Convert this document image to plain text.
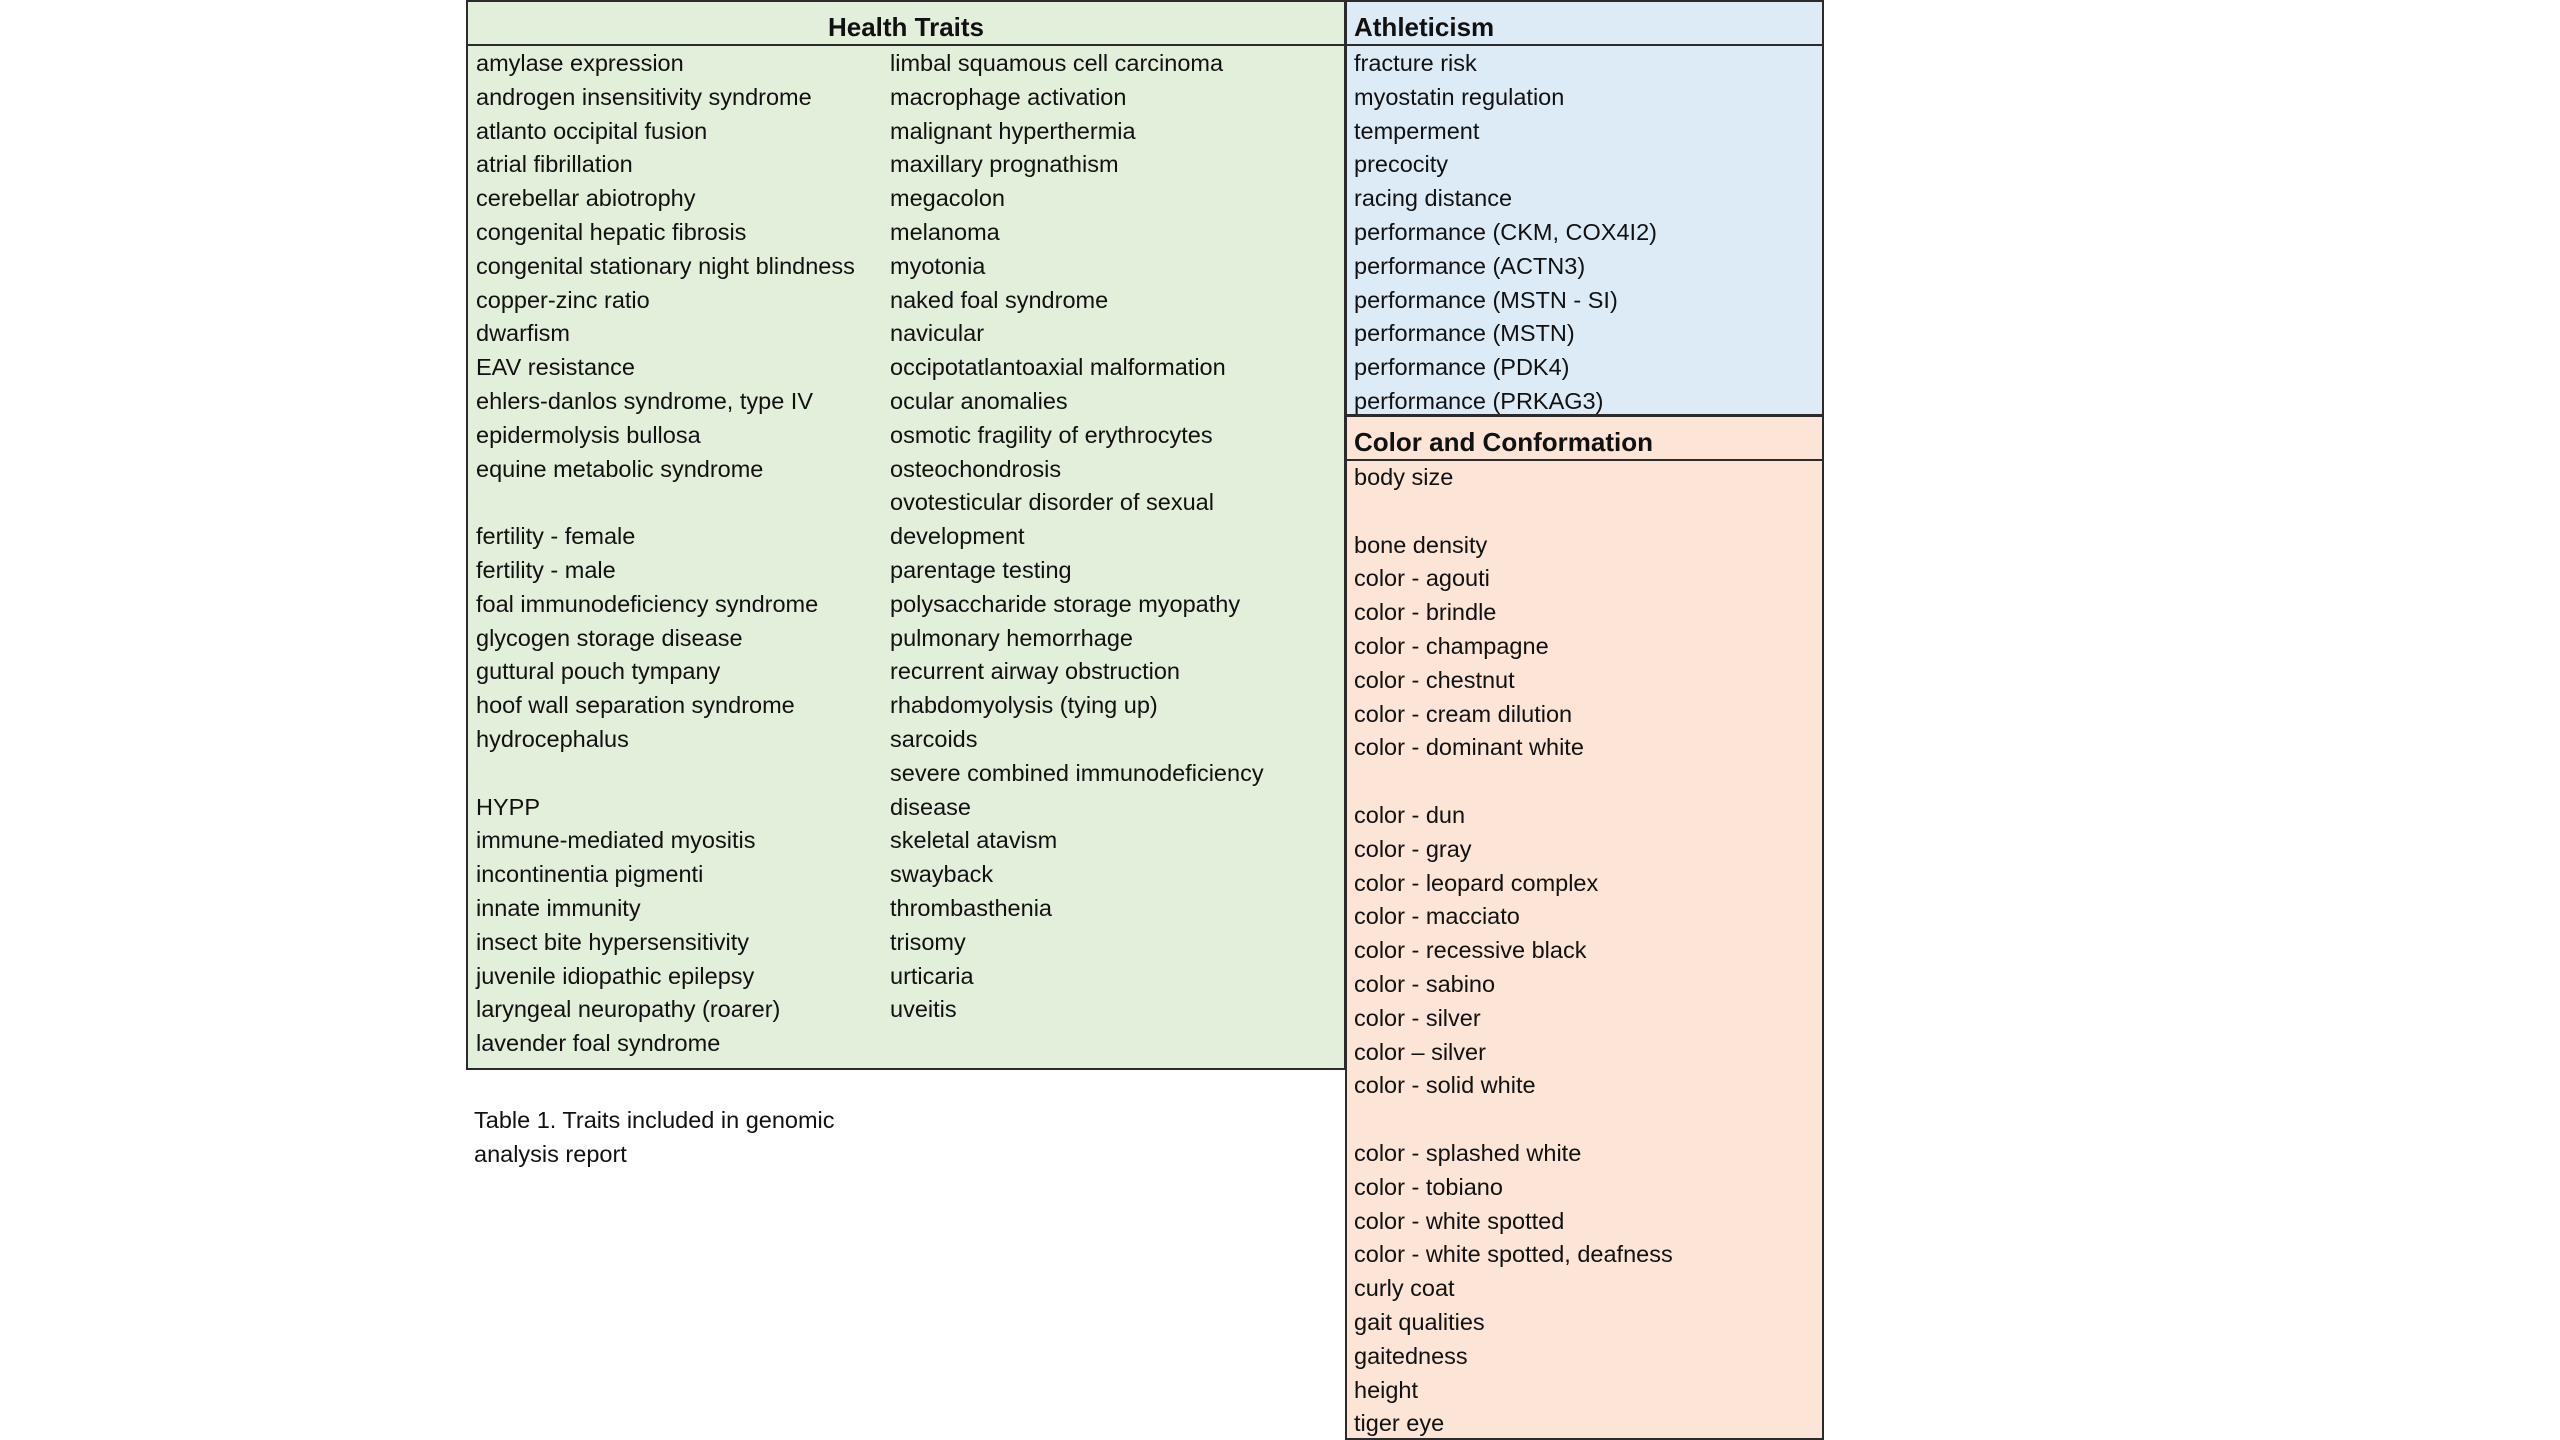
Health Traits
amylase expression
androgen insensitivity syndrome
atlanto occipital fusion
atrial fibrillation
cerebellar abiotrophy
congenital hepatic fibrosis
congenital stationary night blindness
copper-zinc ratio
dwarfism
EAV resistance
ehlers-danlos syndrome, type IV
epidermolysis bullosa
equine metabolic syndrome
fertility - female
fertility - male
foal immunodeficiency syndrome
glycogen storage disease
guttural pouch tympany
hoof wall separation syndrome
hydrocephalus
HYPP
immune-mediated myositis
incontinentia pigmenti
innate immunity
insect bite hypersensitivity
juvenile idiopathic epilepsy
laryngeal neuropathy (roarer)
lavender foal syndrome
limbal squamous cell carcinoma
macrophage activation
malignant hyperthermia
maxillary prognathism
megacolon
melanoma
myotonia
naked foal syndrome
navicular
occipotatlantoaxial malformation
ocular anomalies
osmotic fragility of erythrocytes
osteochondrosis
ovotesticular disorder of sexual
development
parentage testing
polysaccharide storage myopathy
pulmonary hemorrhage
recurrent airway obstruction
rhabdomyolysis (tying up)
sarcoids
severe combined immunodeficiency
disease
skeletal atavism
swayback
thrombasthenia
trisomy
urticaria
uveitis
Athleticism
fracture risk
myostatin regulation
temperment
precocity
racing distance
performance (CKM, COX4I2)
performance (ACTN3)
performance (MSTN - SI)
performance (MSTN)
performance (PDK4)
performance (PRKAG3)
Color and Conformation
body size
bone density
color - agouti
color - brindle
color - champagne
color - chestnut
color - cream dilution
color - dominant white
color - dun
color - gray
color - leopard complex
color - macciato
color - recessive black
color - sabino
color - silver
color – silver
color - solid white
color - splashed white
color - tobiano
color - white spotted
color - white spotted, deafness
curly coat
gait qualities
gaitedness
height
tiger eye
Table 1. Traits included in genomic
analysis report
